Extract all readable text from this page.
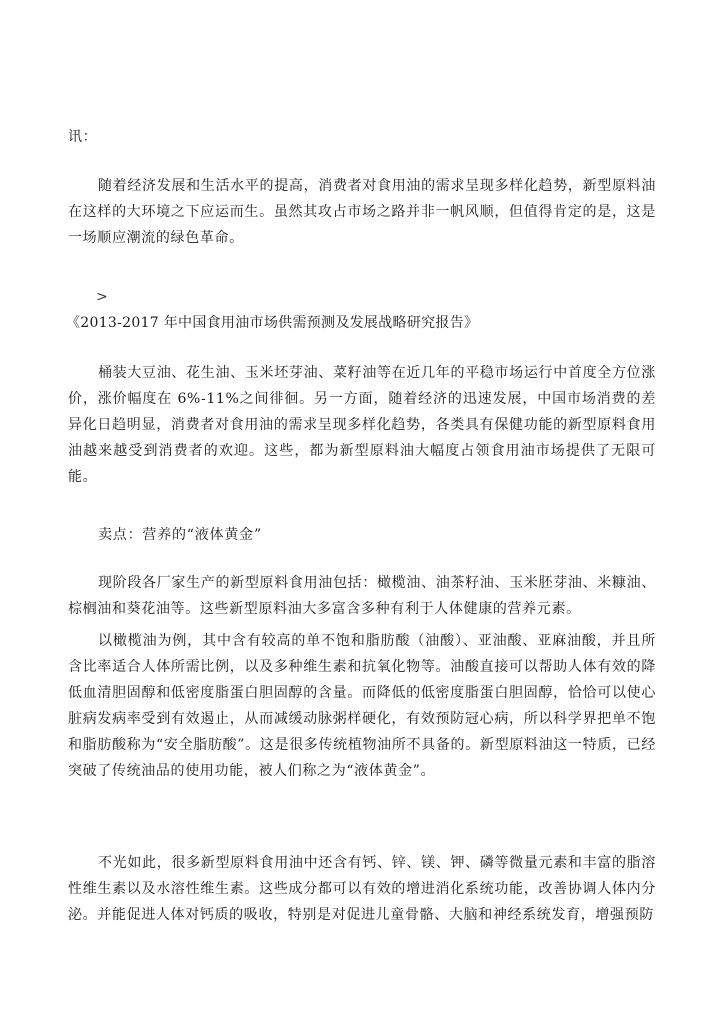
讯：

随着经济发展和生活水平的提高，消费者对食用油的需求呈现多样化趋势，新型原料油在这样的大环境之下应运而生。虽然其攻占市场之路并非一帆风顺，但值得肯定的是，这是一场顺应潮流的绿色革命。

>
《2013-2017 年中国食用油市场供需预测及发展战略研究报告》

桶装大豆油、花生油、玉米坯芽油、菜籽油等在近几年的平稳市场运行中首度全方位涨价，涨价幅度在 6%-11%之间徘徊。另一方面，随着经济的迅速发展，中国市场消费的差异化日趋明显，消费者对食用油的需求呈现多样化趋势，各类具有保健功能的新型原料食用油越来越受到消费者的欢迎。这些，都为新型原料油大幅度占领食用油市场提供了无限可能。

卖点：营养的“液体黄金”

现阶段各厂家生产的新型原料食用油包括：橄榄油、油茶籽油、玉米胚芽油、米糠油、棕榈油和葵花油等。这些新型原料油大多富含多种有利于人体健康的营养元素。

以橄榄油为例，其中含有较高的单不饱和脂肪酸（油酸）、亚油酸、亚麻油酸，并且所含比率适合人体所需比例，以及多种维生素和抗氧化物等。油酸直接可以帮助人体有效的降低血清胆固醇和低密度脂蛋白胆固醇的含量。而降低的低密度脂蛋白胆固醇，恰恰可以使心脏病发病率受到有效遏止，从而减缓动脉粥样硬化，有效预防冠心病，所以科学界把单不饱和脂肪酸称为“安全脂肪酸”。这是很多传统植物油所不具备的。新型原料油这一特质，已经突破了传统油品的使用功能，被人们称之为“液体黄金”。

不光如此，很多新型原料食用油中还含有钙、锌、镁、钾、磷等微量元素和丰富的脂溶性维生素以及水溶性维生素。这些成分都可以有效的增进消化系统功能，改善协调人体内分泌。并能促进人体对钙质的吸收，特别是对促进儿童骨骼、大脑和神经系统发育，增强预防
